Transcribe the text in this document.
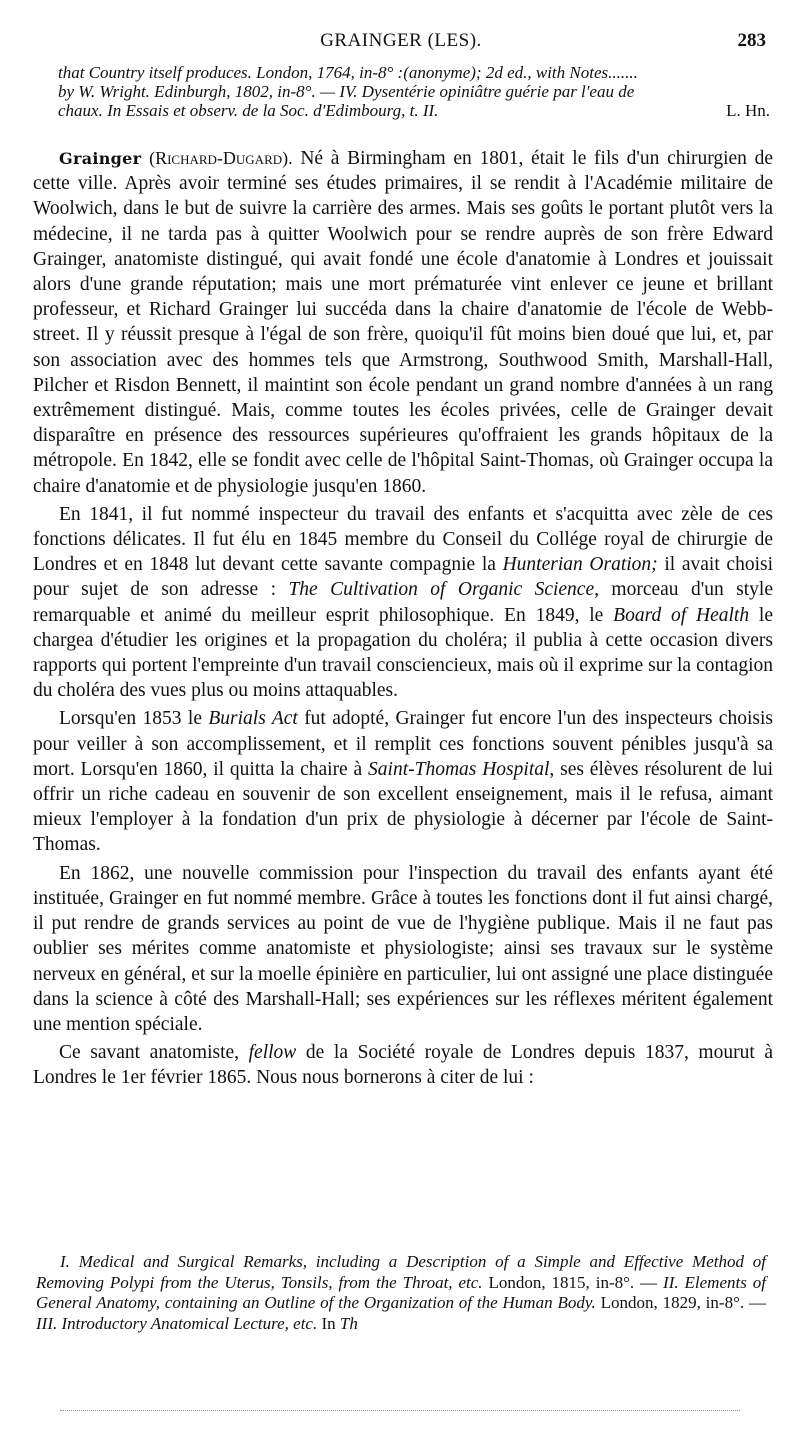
GRAINGER (LES).	283
that Country itself produces. London, 1764, in-8° :(anonyme); 2d ed., with Notes.......
by W. Wright. Edinburgh, 1802, in-8°. — IV. Dysentérie opiniâtre guérie par l'eau de
chaux. In Essais et observ. de la Soc. d'Edimbourg, t. II.	L. Hn.

Grainger (Richard-Dugard). Né à Birmingham en 1801, était le fils d'un chirurgien de cette ville. Après avoir terminé ses études primaires, il se rendit à l'Académie militaire de Woolwich, dans le but de suivre la carrière des armes. Mais ses goûts le portant plutôt vers la médecine, il ne tarda pas à quitter Woolwich pour se rendre auprès de son frère Edward Grainger, anatomiste distingué, qui avait fondé une école d'anatomie à Londres et jouissait alors d'une grande réputation; mais une mort prématurée vint enlever ce jeune et brillant professeur, et Richard Grainger lui succéda dans la chaire d'anatomie de l'école de Webb-street. Il y réussit presque à l'égal de son frère, quoiqu'il fût moins bien doué que lui, et, par son association avec des hommes tels que Armstrong, Southwood Smith, Marshall-Hall, Pilcher et Risdon Bennett, il maintint son école pendant un grand nombre d'années à un rang extrêmement distingué. Mais, comme toutes les écoles privées, celle de Grainger devait disparaître en présence des ressources supérieures qu'offraient les grands hôpitaux de la métropole. En 1842, elle se fondit avec celle de l'hôpital Saint-Thomas, où Grainger occupa la chaire d'anatomie et de physiologie jusqu'en 1860.

En 1841, il fut nommé inspecteur du travail des enfants et s'acquitta avec zèle de ces fonctions délicates. Il fut élu en 1845 membre du Conseil du Collége royal de chirurgie de Londres et en 1848 lut devant cette savante compagnie la Hunterian Oration; il avait choisi pour sujet de son adresse : The Cultivation of Organic Science, morceau d'un style remarquable et animé du meilleur esprit philosophique. En 1849, le Board of Health le chargea d'étudier les origines et la propagation du choléra; il publia à cette occasion divers rapports qui portent l'empreinte d'un travail consciencieux, mais où il exprime sur la contagion du choléra des vues plus ou moins attaquables.

Lorsqu'en 1853 le Burials Act fut adopté, Grainger fut encore l'un des inspecteurs choisis pour veiller à son accomplissement, et il remplit ces fonctions souvent pénibles jusqu'à sa mort. Lorsqu'en 1860, il quitta la chaire à Saint-Thomas Hospital, ses élèves résolurent de lui offrir un riche cadeau en souvenir de son excellent enseignement, mais il le refusa, aimant mieux l'employer à la fondation d'un prix de physiologie à décerner par l'école de Saint-Thomas.

En 1862, une nouvelle commission pour l'inspection du travail des enfants ayant été instituée, Grainger en fut nommé membre. Grâce à toutes les fonctions dont il fut ainsi chargé, il put rendre de grands services au point de vue de l'hygiène publique. Mais il ne faut pas oublier ses mérites comme anatomiste et physiologiste; ainsi ses travaux sur le système nerveux en général, et sur la moelle épinière en particulier, lui ont assigné une place distinguée dans la science à côté des Marshall-Hall; ses expériences sur les réflexes méritent également une mention spéciale.

Ce savant anatomiste, fellow de la Société royale de Londres depuis 1837, mourut à Londres le 1er février 1865. Nous nous bornerons à citer de lui :

I. Medical and Surgical Remarks, including a Description of a Simple and Effective Method of Removing Polypi from the Uterus, Tonsils, from the Throat, etc. London, 1815, in-8°. — II. Elements of General Anatomy, containing an Outline of the Organization of the Human Body. London, 1829, in-8°. — III. Introductory Anatomical Lecture, etc. In Th
